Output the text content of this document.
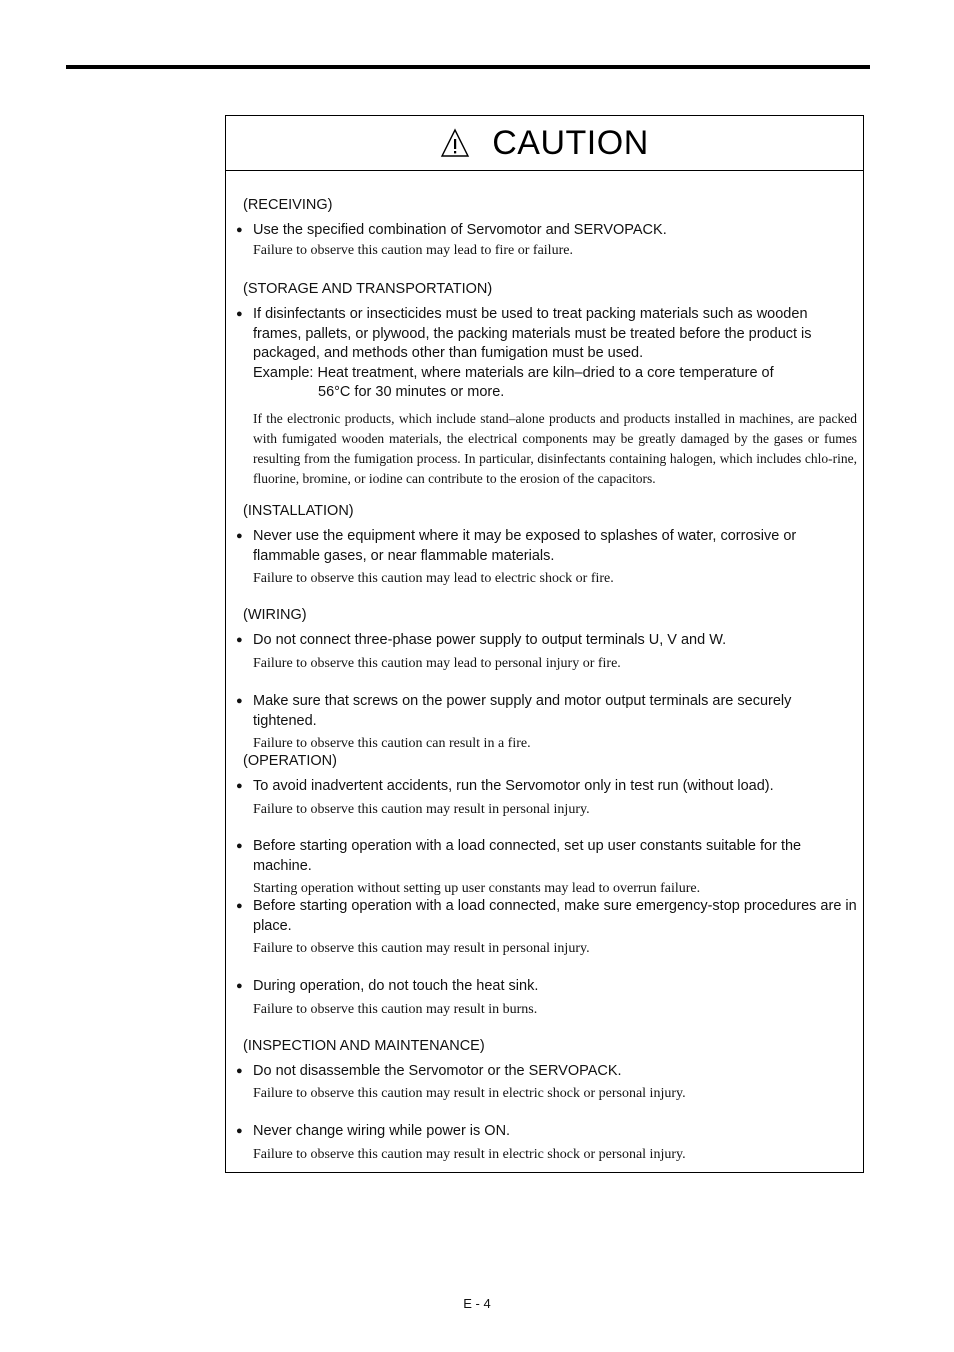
CAUTION
(RECEIVING)
● Use the specified combination of Servomotor and SERVOPACK.
Failure to observe this caution may lead to fire or failure.
(STORAGE AND TRANSPORTATION)
● If disinfectants or insecticides must be used to treat packing materials such as wooden frames, pallets, or plywood, the packing materials must be treated before the product is packaged, and methods other than fumigation must be used.
Example: Heat treatment, where materials are kiln–dried to a core temperature of
56°C for 30 minutes or more.
If the electronic products, which include stand–alone products and products installed in machines, are packed with fumigated wooden materials, the electrical components may be greatly damaged by the gases or fumes resulting from the fumigation process. In particular, disinfectants containing halogen, which includes chlo-rine, fluorine, bromine, or iodine can contribute to the erosion of the capacitors.
(INSTALLATION)
● Never use the equipment where it may be exposed to splashes of water, corrosive or flammable gases, or near flammable materials.
Failure to observe this caution may lead to electric shock or fire.
(WIRING)
● Do not connect three-phase power supply to output terminals U, V and W.
Failure to observe this caution may lead to personal injury or fire.
● Make sure that screws on the power supply and motor output terminals are securely tightened.
Failure to observe this caution can result in a fire.
(OPERATION)
● To avoid inadvertent accidents, run the Servomotor only in test run (without load).
Failure to observe this caution may result in personal injury.
● Before starting operation with a load connected, set up user constants suitable for the machine.
Starting operation without setting up user constants may lead to overrun failure.
● Before starting operation with a load connected, make sure emergency-stop procedures are in place.
Failure to observe this caution may result in personal injury.
● During operation, do not touch the heat sink.
Failure to observe this caution may result in burns.
(INSPECTION AND MAINTENANCE)
● Do not disassemble the Servomotor or the SERVOPACK.
Failure to observe this caution may result in electric shock or personal injury.
● Never change wiring while power is ON.
Failure to observe this caution may result in electric shock or personal injury.
E - 4
